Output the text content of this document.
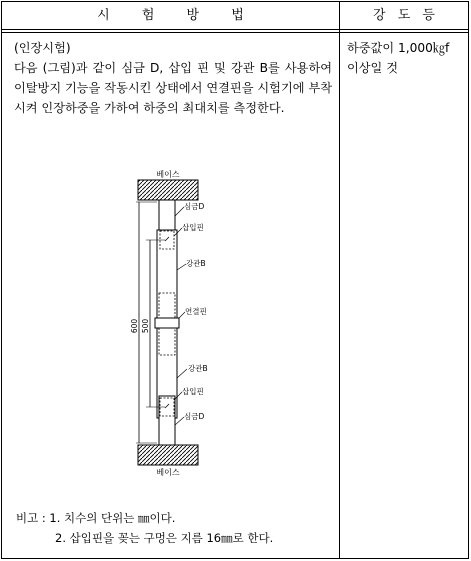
시 험 방 법	강 도 등

(인장시험)

다음 (그림)과 같이 심금 D, 삽입 핀 및 강관 B를 사용하여 이탈방지 기능을 작동시킨 상태에서 연결핀을 시험기에 부착시켜 인장하중을 가하여 하중의 최대치를 측정한다.

하중값이 1,000㎏f
이상일 것
베이스
베이스
600 500
심금D
삽입핀
강관B
연결핀
강관B
삽입핀
심금D
비고 : 1. 치수의 단위는 ㎜이다.
2. 삽입핀을 꽂는 구멍은 지름 16㎜로 한다.
